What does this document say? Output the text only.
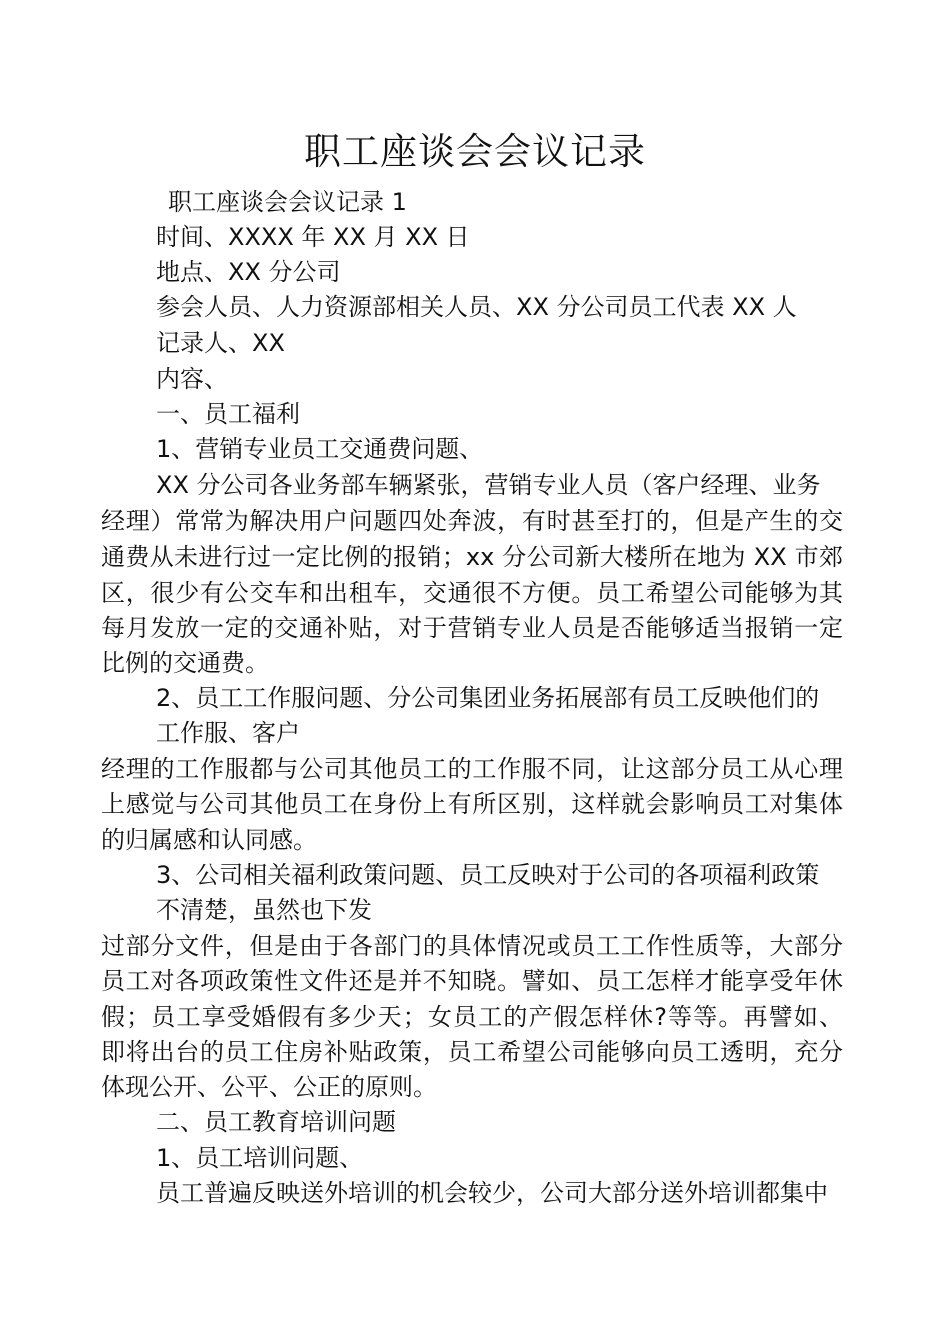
职工座谈会会议记录
职工座谈会会议记录 1
时间、XXXX 年 XX 月 XX 日
地点、XX 分公司
参会人员、人力资源部相关人员、XX 分公司员工代表 XX 人
记录人、XX
内容、
一、员工福利
1、营销专业员工交通费问题、
XX 分公司各业务部车辆紧张，营销专业人员（客户经理、业务
经理）常常为解决用户问题四处奔波，有时甚至打的，但是产生的交
通费从未进行过一定比例的报销；xx 分公司新大楼所在地为 XX 市郊
区，很少有公交车和出租车，交通很不方便。员工希望公司能够为其
每月发放一定的交通补贴，对于营销专业人员是否能够适当报销一定
比例的交通费。
2、员工工作服问题、分公司集团业务拓展部有员工反映他们的
工作服、客户
经理的工作服都与公司其他员工的工作服不同，让这部分员工从心理
上感觉与公司其他员工在身份上有所区别，这样就会影响员工对集体
的归属感和认同感。
3、公司相关福利政策问题、员工反映对于公司的各项福利政策
不清楚，虽然也下发
过部分文件，但是由于各部门的具体情况或员工工作性质等，大部分
员工对各项政策性文件还是并不知晓。譬如、员工怎样才能享受年休
假；员工享受婚假有多少天；女员工的产假怎样休?等等。再譬如、
即将出台的员工住房补贴政策，员工希望公司能够向员工透明，充分
体现公开、公平、公正的原则。
二、员工教育培训问题
1、员工培训问题、
员工普遍反映送外培训的机会较少，公司大部分送外培训都集中
